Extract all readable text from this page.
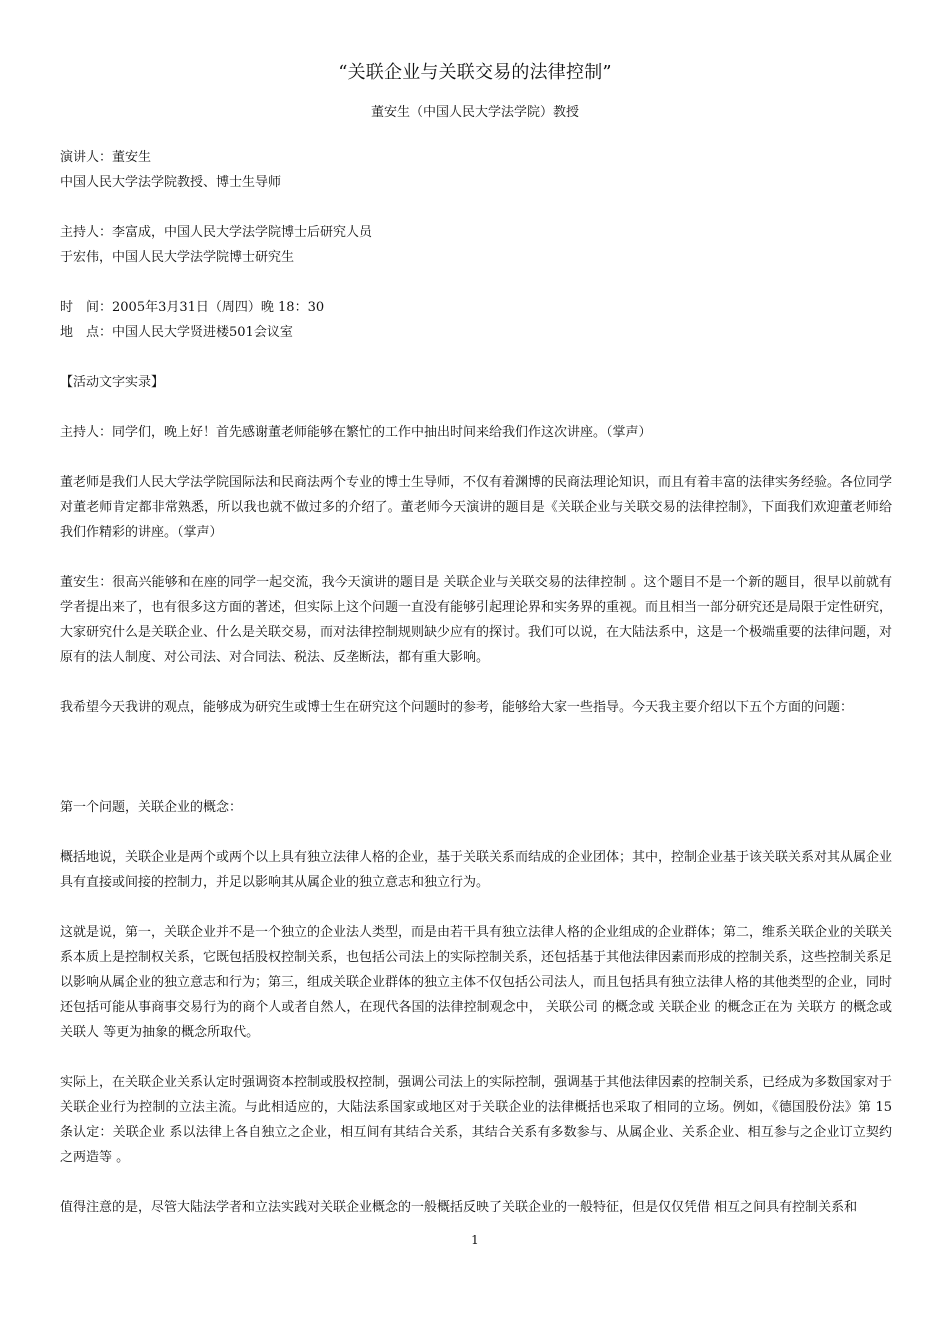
“关联企业与关联交易的法律控制”
董安生（中国人民大学法学院）教授

演讲人：董安生

中国人民大学法学院教授、博士生导师

主持人：李富成，中国人民大学法学院博士后研究人员

于宏伟，中国人民大学法学院博士研究生

时　间：2005年3月31日（周四）晚 18：30

地　点：中国人民大学贤进楼501会议室

【活动文字实录】

主持人：同学们，晚上好！首先感谢董老师能够在繁忙的工作中抽出时间来给我们作这次讲座。（掌声）

董老师是我们人民大学法学院国际法和民商法两个专业的博士生导师，不仅有着渊博的民商法理论知识，而且有着丰富的法律实务经验。各位同学对董老师肯定都非常熟悉，所以我也就不做过多的介绍了。董老师今天演讲的题目是《关联企业与关联交易的法律控制》，下面我们欢迎董老师给我们作精彩的讲座。（掌声）

董安生：很高兴能够和在座的同学一起交流，我今天演讲的题目是 关联企业与关联交易的法律控制 。这个题目不是一个新的题目，很早以前就有学者提出来了，也有很多这方面的著述，但实际上这个问题一直没有能够引起理论界和实务界的重视。而且相当一部分研究还是局限于定性研究，大家研究什么是关联企业、什么是关联交易，而对法律控制规则缺少应有的探讨。我们可以说，在大陆法系中，这是一个极端重要的法律问题，对原有的法人制度、对公司法、对合同法、税法、反垄断法，都有重大影响。

我希望今天我讲的观点，能够成为研究生或博士生在研究这个问题时的参考，能够给大家一些指导。今天我主要介绍以下五个方面的问题：

第一个问题，关联企业的概念：

概括地说，关联企业是两个或两个以上具有独立法律人格的企业，基于关联关系而结成的企业团体；其中，控制企业基于该关联关系对其从属企业具有直接或间接的控制力，并足以影响其从属企业的独立意志和独立行为。

这就是说，第一，关联企业并不是一个独立的企业法人类型，而是由若干具有独立法律人格的企业组成的企业群体；第二，维系关联企业的关联关系本质上是控制权关系，它既包括股权控制关系，也包括公司法上的实际控制关系，还包括基于其他法律因素而形成的控制关系，这些控制关系足以影响从属企业的独立意志和行为；第三，组成关联企业群体的独立主体不仅包括公司法人，而且包括具有独立法律人格的其他类型的企业，同时还包括可能从事商事交易行为的商个人或者自然人，在现代各国的法律控制观念中， 关联公司 的概念或 关联企业 的概念正在为 关联方 的概念或 关联人 等更为抽象的概念所取代。

实际上，在关联企业关系认定时强调资本控制或股权控制，强调公司法上的实际控制，强调基于其他法律因素的控制关系，已经成为多数国家对于关联企业行为控制的立法主流。与此相适应的，大陆法系国家或地区对于关联企业的法律概括也采取了相同的立场。例如，《德国股份法》第 15 条认定：关联企业 系以法律上各自独立之企业，相互间有其结合关系，其结合关系有多数参与、从属企业、关系企业、相互参与之企业订立契约之两造等 。

值得注意的是，尽管大陆法学者和立法实践对关联企业概念的一般概括反映了关联企业的一般特征，但是仅仅凭借 相互之间具有控制关系和

1
